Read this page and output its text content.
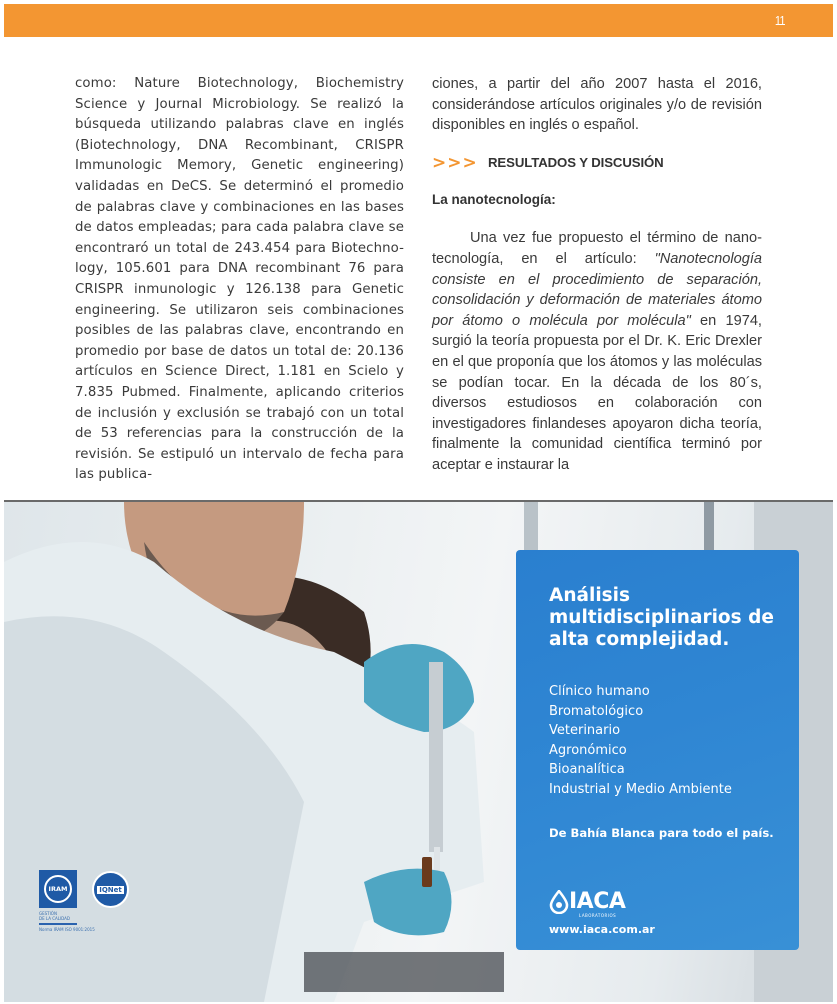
11

como: Nature Biotechnology, Biochemistry Science y Journal Microbiology. Se realizó la búsqueda utilizando palabras clave en inglés (Biotechnology, DNA Recombinant, CRISPR Immunologic Memory, Genetic engineering) validadas en DeCS. Se determinó el promedio de palabras clave y combinaciones en las bases de datos empleadas; para cada palabra clave se encontraró un total de 243.454 para Biotechno-logy, 105.601 para DNA recombinant 76 para CRISPR inmunologic y 126.138 para Genetic engineering. Se utilizaron seis combinaciones posibles de las palabras clave, encontrando en promedio por base de datos un total de: 20.136 artículos en Science Direct, 1.181 en Scielo y 7.835 Pubmed. Finalmente, aplicando criterios de inclusión y exclusión se trabajó con un total de 53 referencias para la construcción de la revisión. Se estipuló un intervalo de fecha para las publica-

ciones, a partir del año 2007 hasta el 2016, considerándose artículos originales y/o de revisión disponibles en inglés o español.

>>> RESULTADOS Y DISCUSIÓN
La nanotecnología:

Una vez fue propuesto el término de nano-tecnología, en el artículo: "Nanotecnología consiste en el procedimiento de separación, consolidación y deformación de materiales átomo por átomo o molécula por molécula" en 1974, surgió la teoría propuesta por el Dr. K. Eric Drexler en el que proponía que los átomos y las moléculas se podían tocar. En la década de los 80´s, diversos estudiosos en colaboración con investigadores finlandeses apoyaron dicha teoría, finalmente la comunidad científica terminó por aceptar e instaurar la

IRAM	IQNet
GESTIÓN
DE LA CALIDAD
Norma IRAM ISO 9001:2015
Análisis multidisciplinarios de alta complejidad.
Clínico humano
Bromatológico
Veterinario
Agronómico
Bioanalítica
Industrial y Medio Ambiente
De Bahía Blanca para todo el país.
IACA
LABORATORIOS
www.iaca.com.ar
